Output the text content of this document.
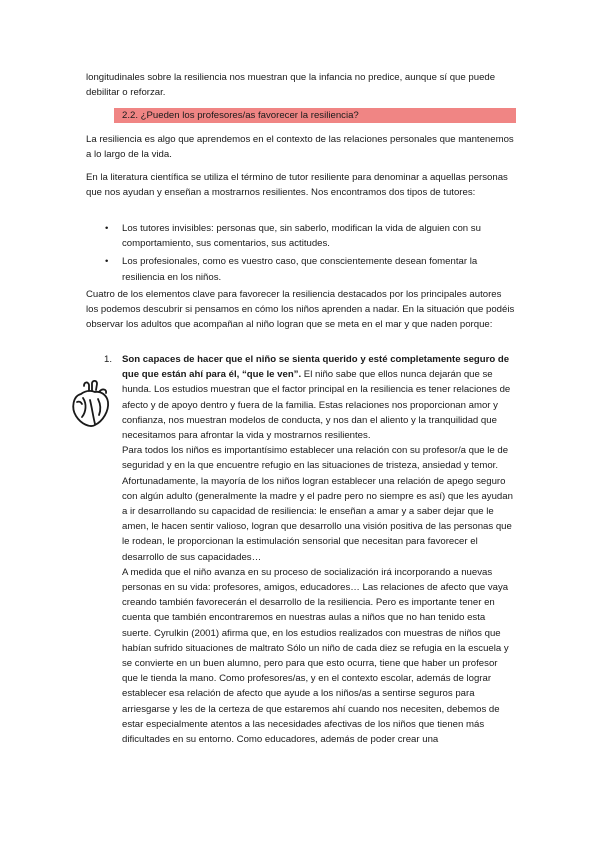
longitudinales sobre la resiliencia nos muestran que la infancia no predice, aunque sí que puede debilitar o reforzar.

2.2. ¿Pueden los profesores/as favorecer la resiliencia?

La resiliencia es algo que aprendemos en el contexto de las relaciones personales que mantenemos a lo largo de la vida.

En la literatura científica se utiliza el término de tutor resiliente para denominar a aquellas personas que nos ayudan y enseñan a mostrarnos resilientes. Nos encontramos dos tipos de tutores:

• Los tutores invisibles: personas que, sin saberlo, modifican la vida de alguien con su comportamiento, sus comentarios, sus actitudes.
• Los profesionales, como es vuestro caso, que conscientemente desean fomentar la resiliencia en los niños.

Cuatro de los elementos clave para favorecer la resiliencia destacados por los principales autores los podemos descubrir si pensamos en cómo los niños aprenden a nadar. En la situación que podéis observar los adultos que acompañan al niño logran que se meta en el mar y que naden porque:

1. Son capaces de hacer que el niño se sienta querido y esté completamente seguro de que que están ahí para él, “que le ven”. El niño sabe que ellos nunca dejarán que se hunda. Los estudios muestran que el factor principal en la resiliencia es tener relaciones de afecto y de apoyo dentro y fuera de la familia. Estas relaciones nos proporcionan amor y confianza, nos muestran modelos de conducta, y nos dan el aliento y la tranquilidad que necesitamos para afrontar la vida y mostrarnos resilientes.

Para todos los niños es importantísimo establecer una relación con su profesor/a que le de seguridad y en la que encuentre refugio en las situaciones de tristeza, ansiedad y temor. Afortunadamente, la mayoría de los niños logran establecer una relación de apego seguro con algún adulto (generalmente la madre y el padre pero no siempre es así) que les ayudan a ir desarrollando su capacidad de resiliencia: le enseñan a amar y a saber dejar que le amen, le hacen sentir valioso, logran que desarrollo una visión positiva de las personas que le rodean, le proporcionan la estimulación sensorial que necesitan para favorecer el desarrollo de sus capacidades…

A medida que el niño avanza en su proceso de socialización irá incorporando a nuevas personas en su vida: profesores, amigos, educadores… Las relaciones de afecto que vaya creando también favorecerán el desarrollo de la resiliencia. Pero es importante tener en cuenta que también encontraremos en nuestras aulas a niños que no han tenido esta suerte. Cyrulkin (2001) afirma que, en los estudios realizados con muestras de niños que habían sufrido situaciones de maltrato Sólo un niño de cada diez se refugia en la escuela y se convierte en un buen alumno, pero para que esto ocurra, tiene que haber un profesor que le tienda la mano. Como profesores/as, y en el contexto escolar, además de lograr establecer esa relación de afecto que ayude a los niños/as a sentirse seguros para arriesgarse y les de la certeza de que estaremos ahí cuando nos necesiten, debemos de estar especialmente atentos a las necesidades afectivas de los niños que tienen más dificultades en su entorno. Como educadores, además de poder crear una
